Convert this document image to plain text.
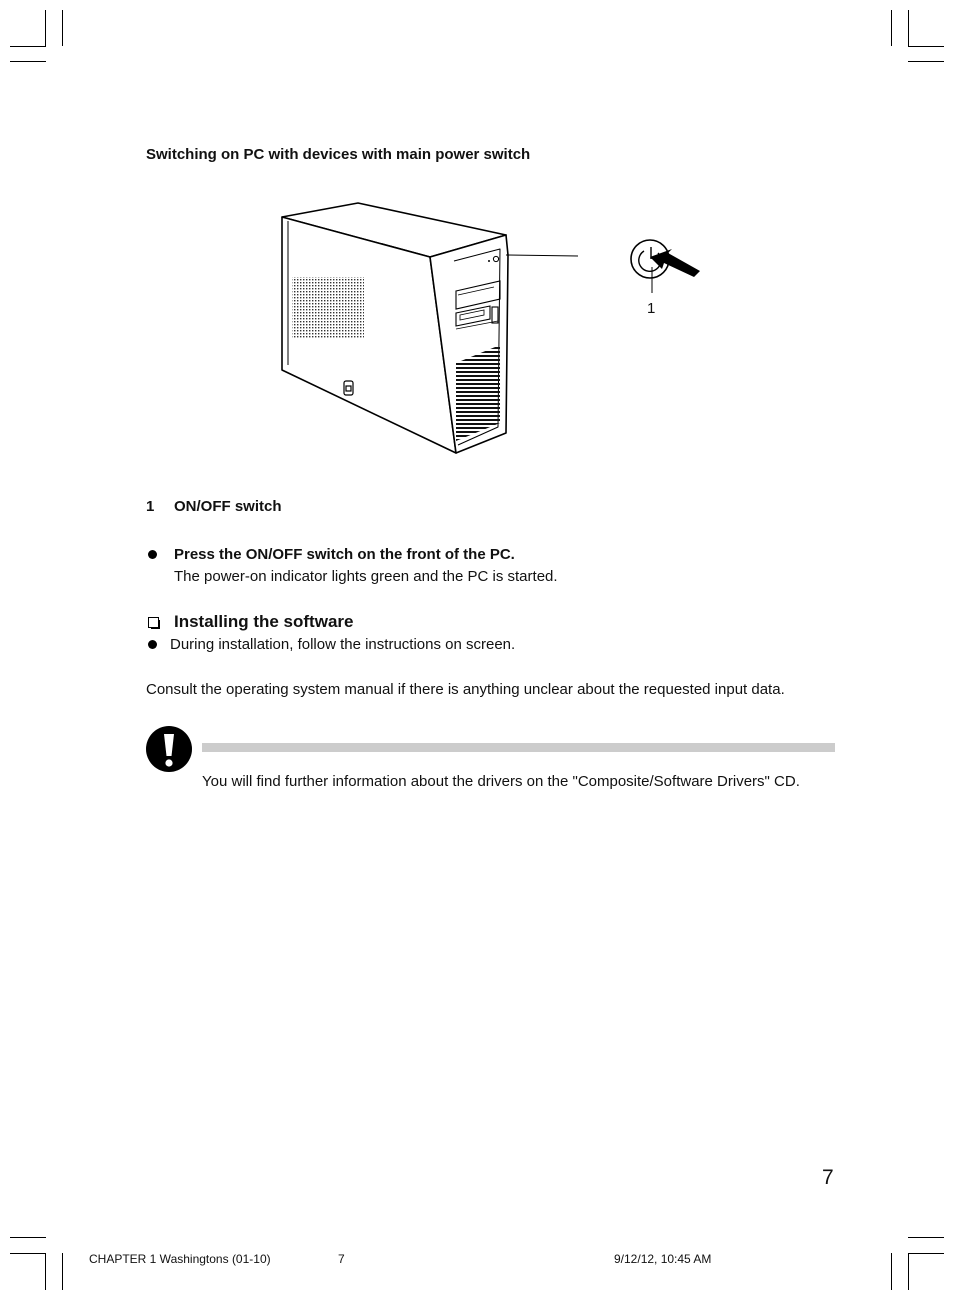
Switching on PC with devices with main power switch
1
1 ON/OFF switch
Press the ON/OFF switch on the front of the PC.
The power-on indicator lights green and the PC is started.
Installing the software
During installation, follow the instructions on screen.
Consult the operating system manual if there is anything unclear about the requested input data.
You will find further information about the drivers on the "Composite/Software Drivers" CD.
7
CHAPTER 1 Washingtons (01-10)	7	9/12/12, 10:45 AM
